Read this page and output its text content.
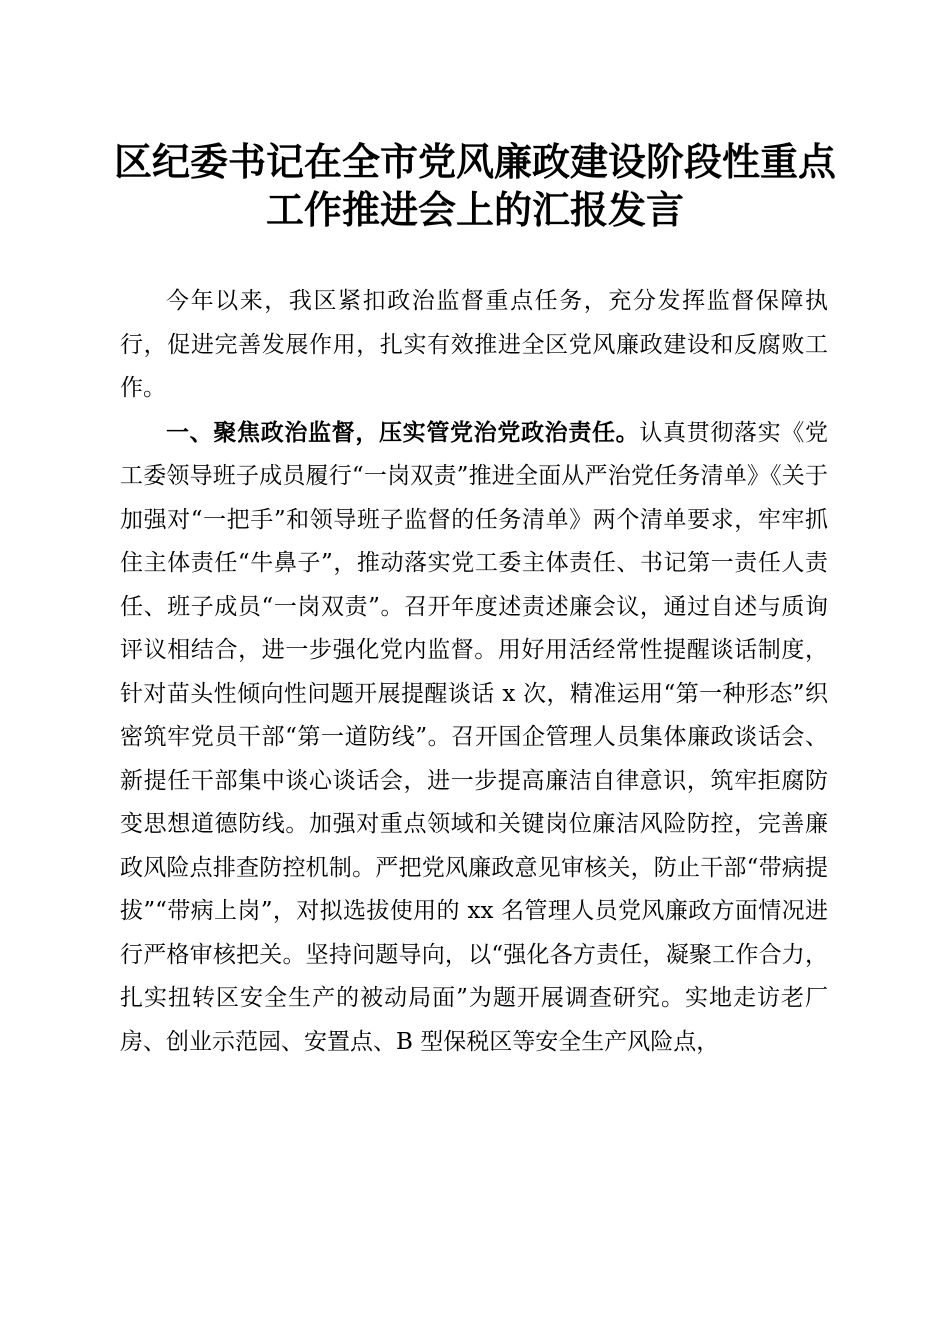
区纪委书记在全市党风廉政建设阶段性重点工作推进会上的汇报发言

今年以来，我区紧扣政治监督重点任务，充分发挥监督保障执行，促进完善发展作用，扎实有效推进全区党风廉政建设和反腐败工作。

一、聚焦政治监督，压实管党治党政治责任。认真贯彻落实《党工委领导班子成员履行“一岗双责”推进全面从严治党任务清单》《关于加强对“一把手”和领导班子监督的任务清单》两个清单要求，牢牢抓住主体责任“牛鼻子”，推动落实党工委主体责任、书记第一责任人责任、班子成员“一岗双责”。召开年度述责述廉会议，通过自述与质询评议相结合，进一步强化党内监督。用好用活经常性提醒谈话制度，针对苗头性倾向性问题开展提醒谈话 x 次，精准运用“第一种形态”织密筑牢党员干部“第一道防线”。召开国企管理人员集体廉政谈话会、新提任干部集中谈心谈话会，进一步提高廉洁自律意识，筑牢拒腐防变思想道德防线。加强对重点领域和关键岗位廉洁风险防控，完善廉政风险点排查防控机制。严把党风廉政意见审核关，防止干部“带病提拔”“带病上岗”，对拟选拔使用的 xx 名管理人员党风廉政方面情况进行严格审核把关。坚持问题导向，以“强化各方责任，凝聚工作合力，扎实扭转区安全生产的被动局面”为题开展调查研究。实地走访老厂房、创业示范园、安置点、B 型保税区等安全生产风险点，
